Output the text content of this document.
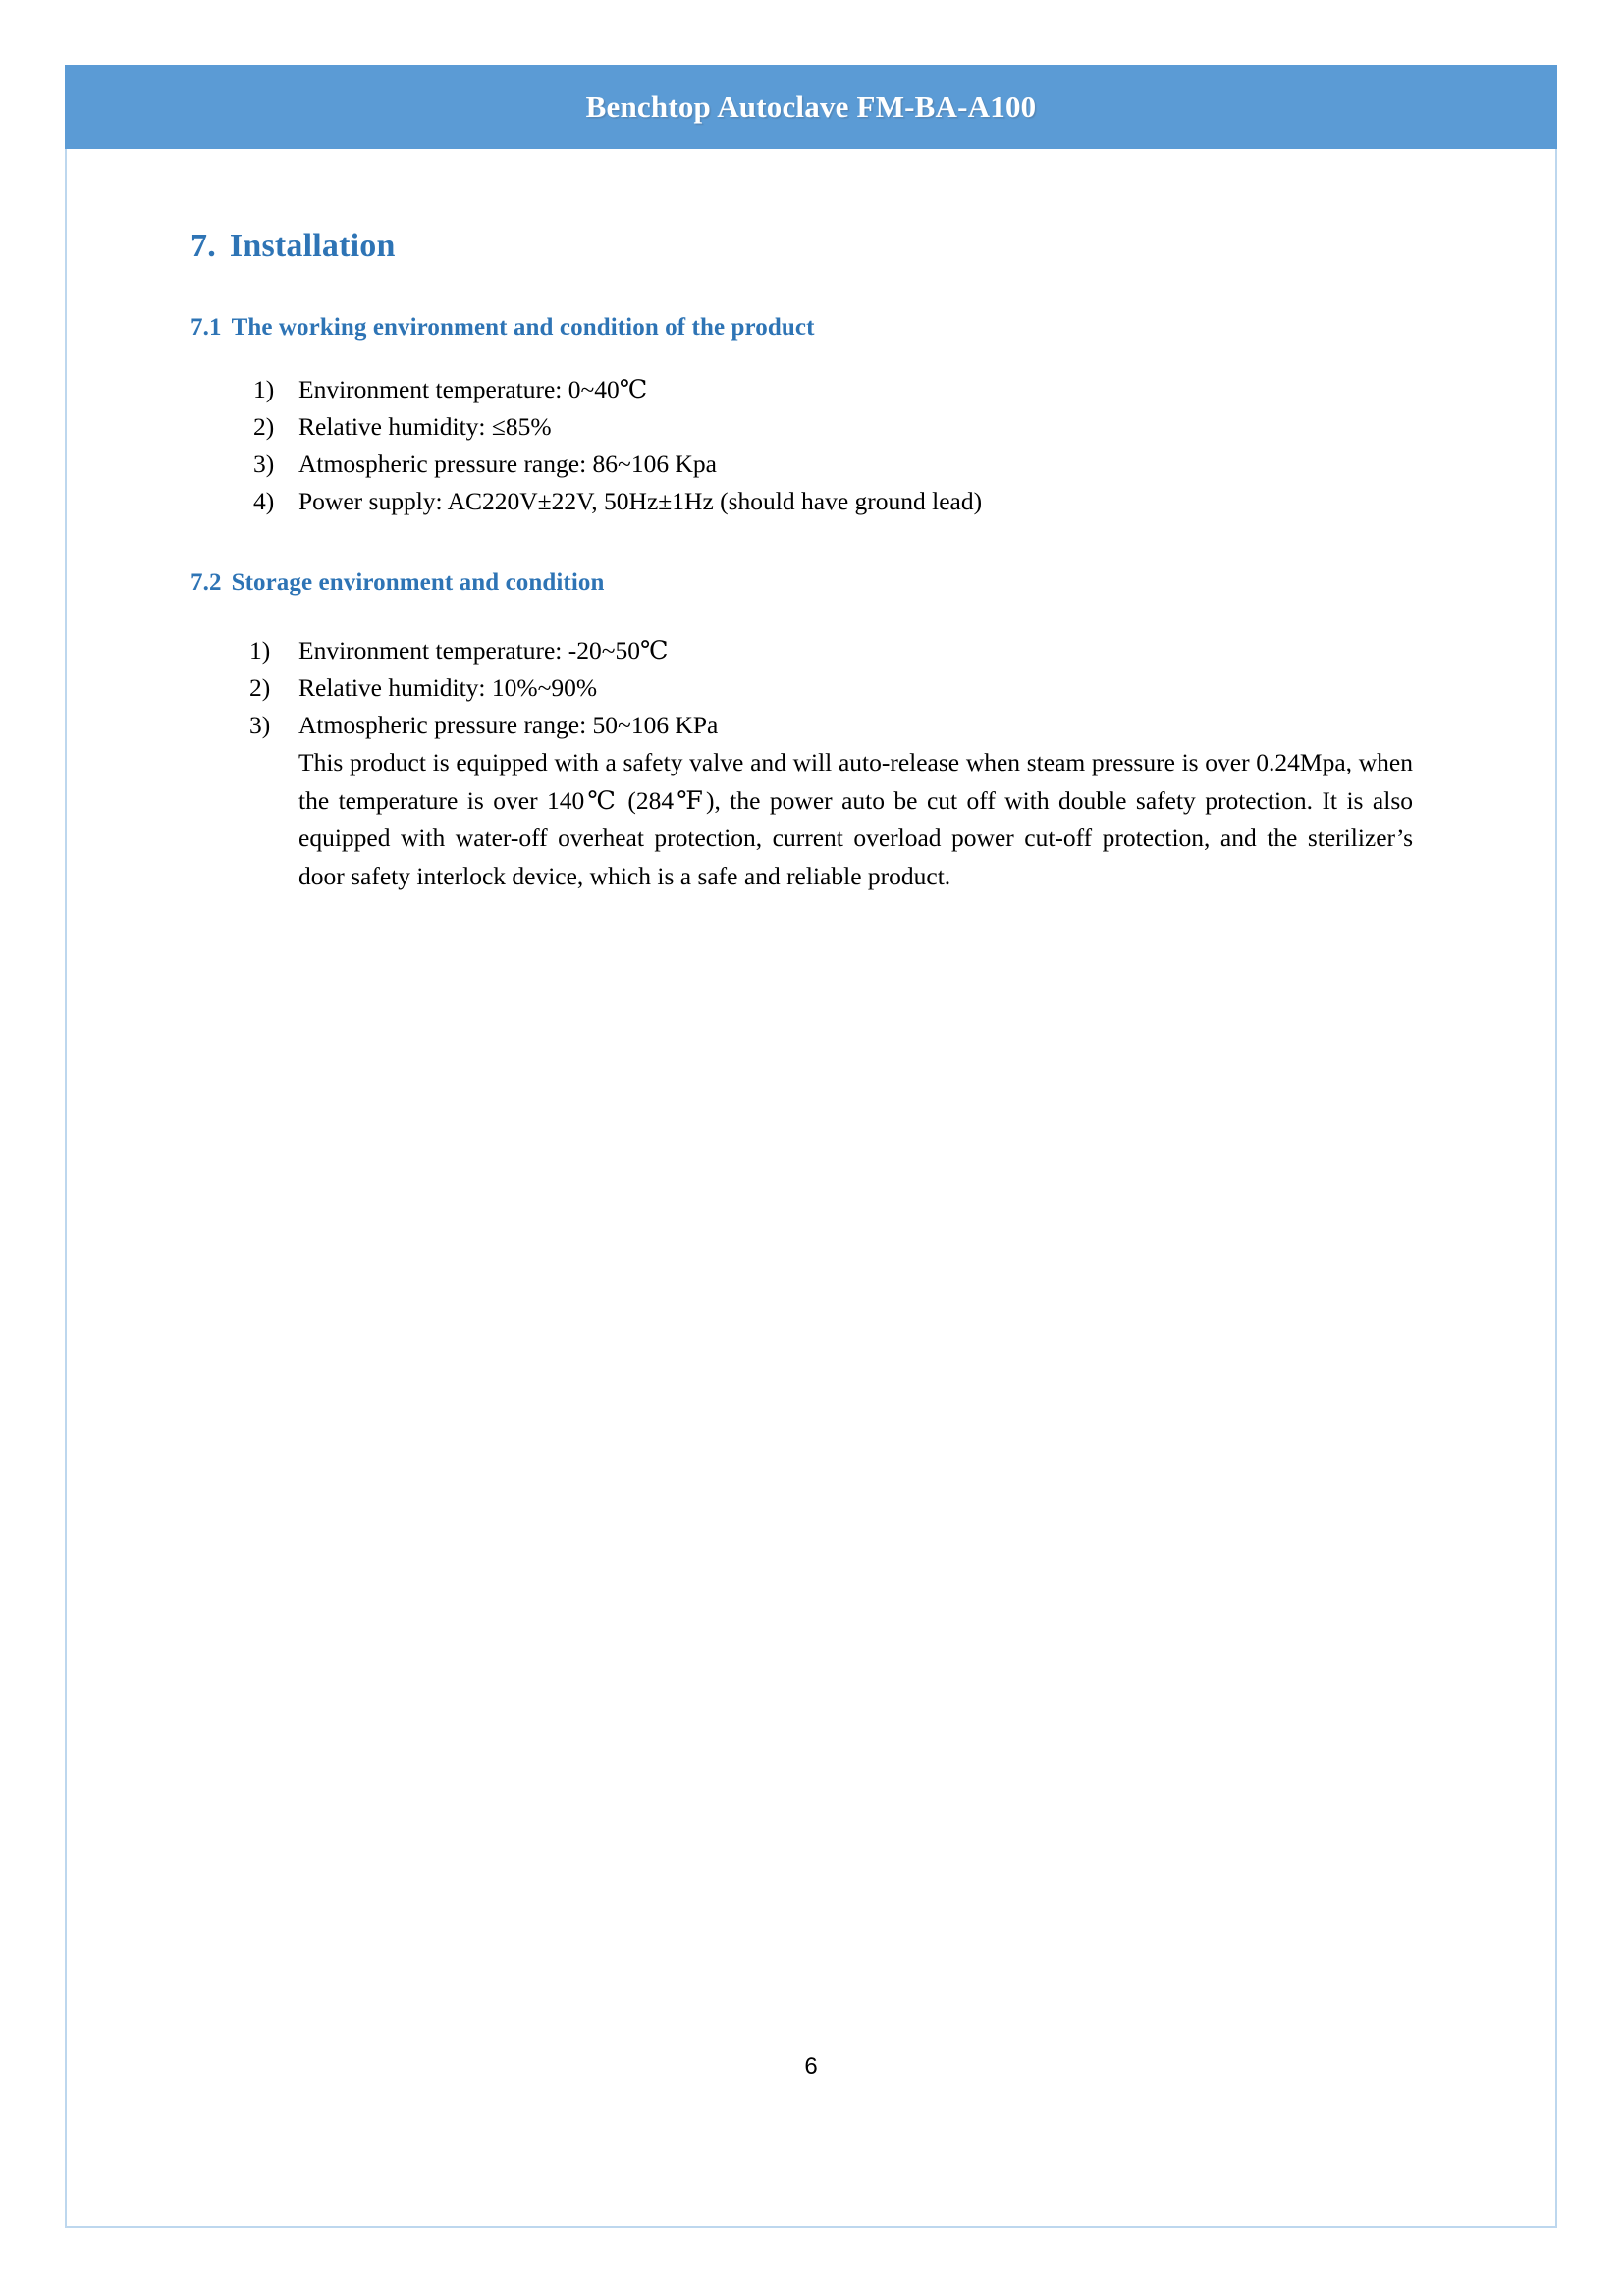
Benchtop Autoclave FM-BA-A100
7. Installation
7.1 The working environment and condition of the product
1) Environment temperature: 0~40℃
2) Relative humidity: ≤85%
3) Atmospheric pressure range: 86~106 Kpa
4) Power supply: AC220V±22V, 50Hz±1Hz (should have ground lead)
7.2 Storage environment and condition
1)	Environment temperature: -20~50℃
2)	Relative humidity: 10%~90%
3)	Atmospheric pressure range: 50~106 KPa

This product is equipped with a safety valve and will auto-release when steam pressure is over 0.24Mpa, when the temperature is over 140℃ (284℉), the power auto be cut off with double safety protection. It is also equipped with water-off overheat protection, current overload power cut-off protection, and the sterilizer’s door safety interlock device, which is a safe and reliable product.

6
